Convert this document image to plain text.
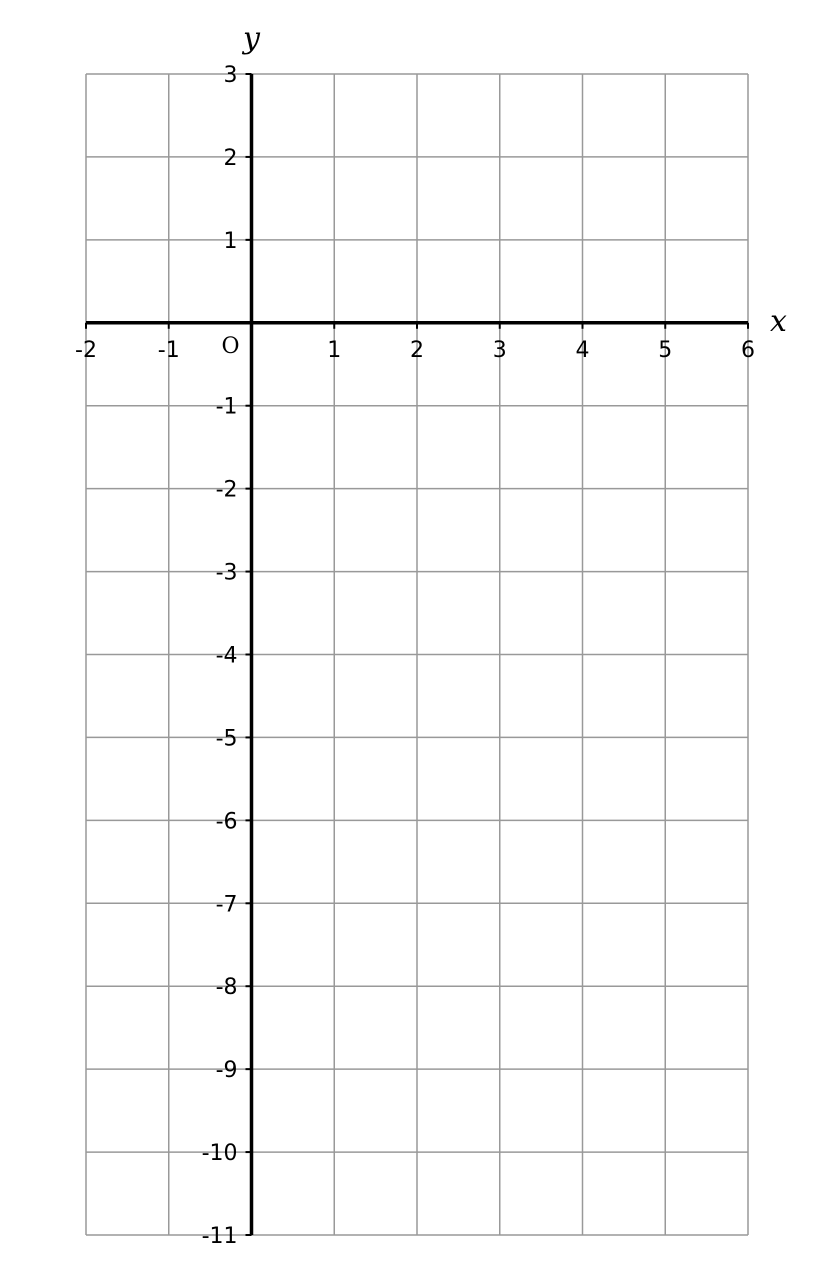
-2	-1	1	2	3	4	5	6
3
2
1
-1
-2
-3
-4
-5
-6
-7
-8
-9
-10
-11
x
y
O
